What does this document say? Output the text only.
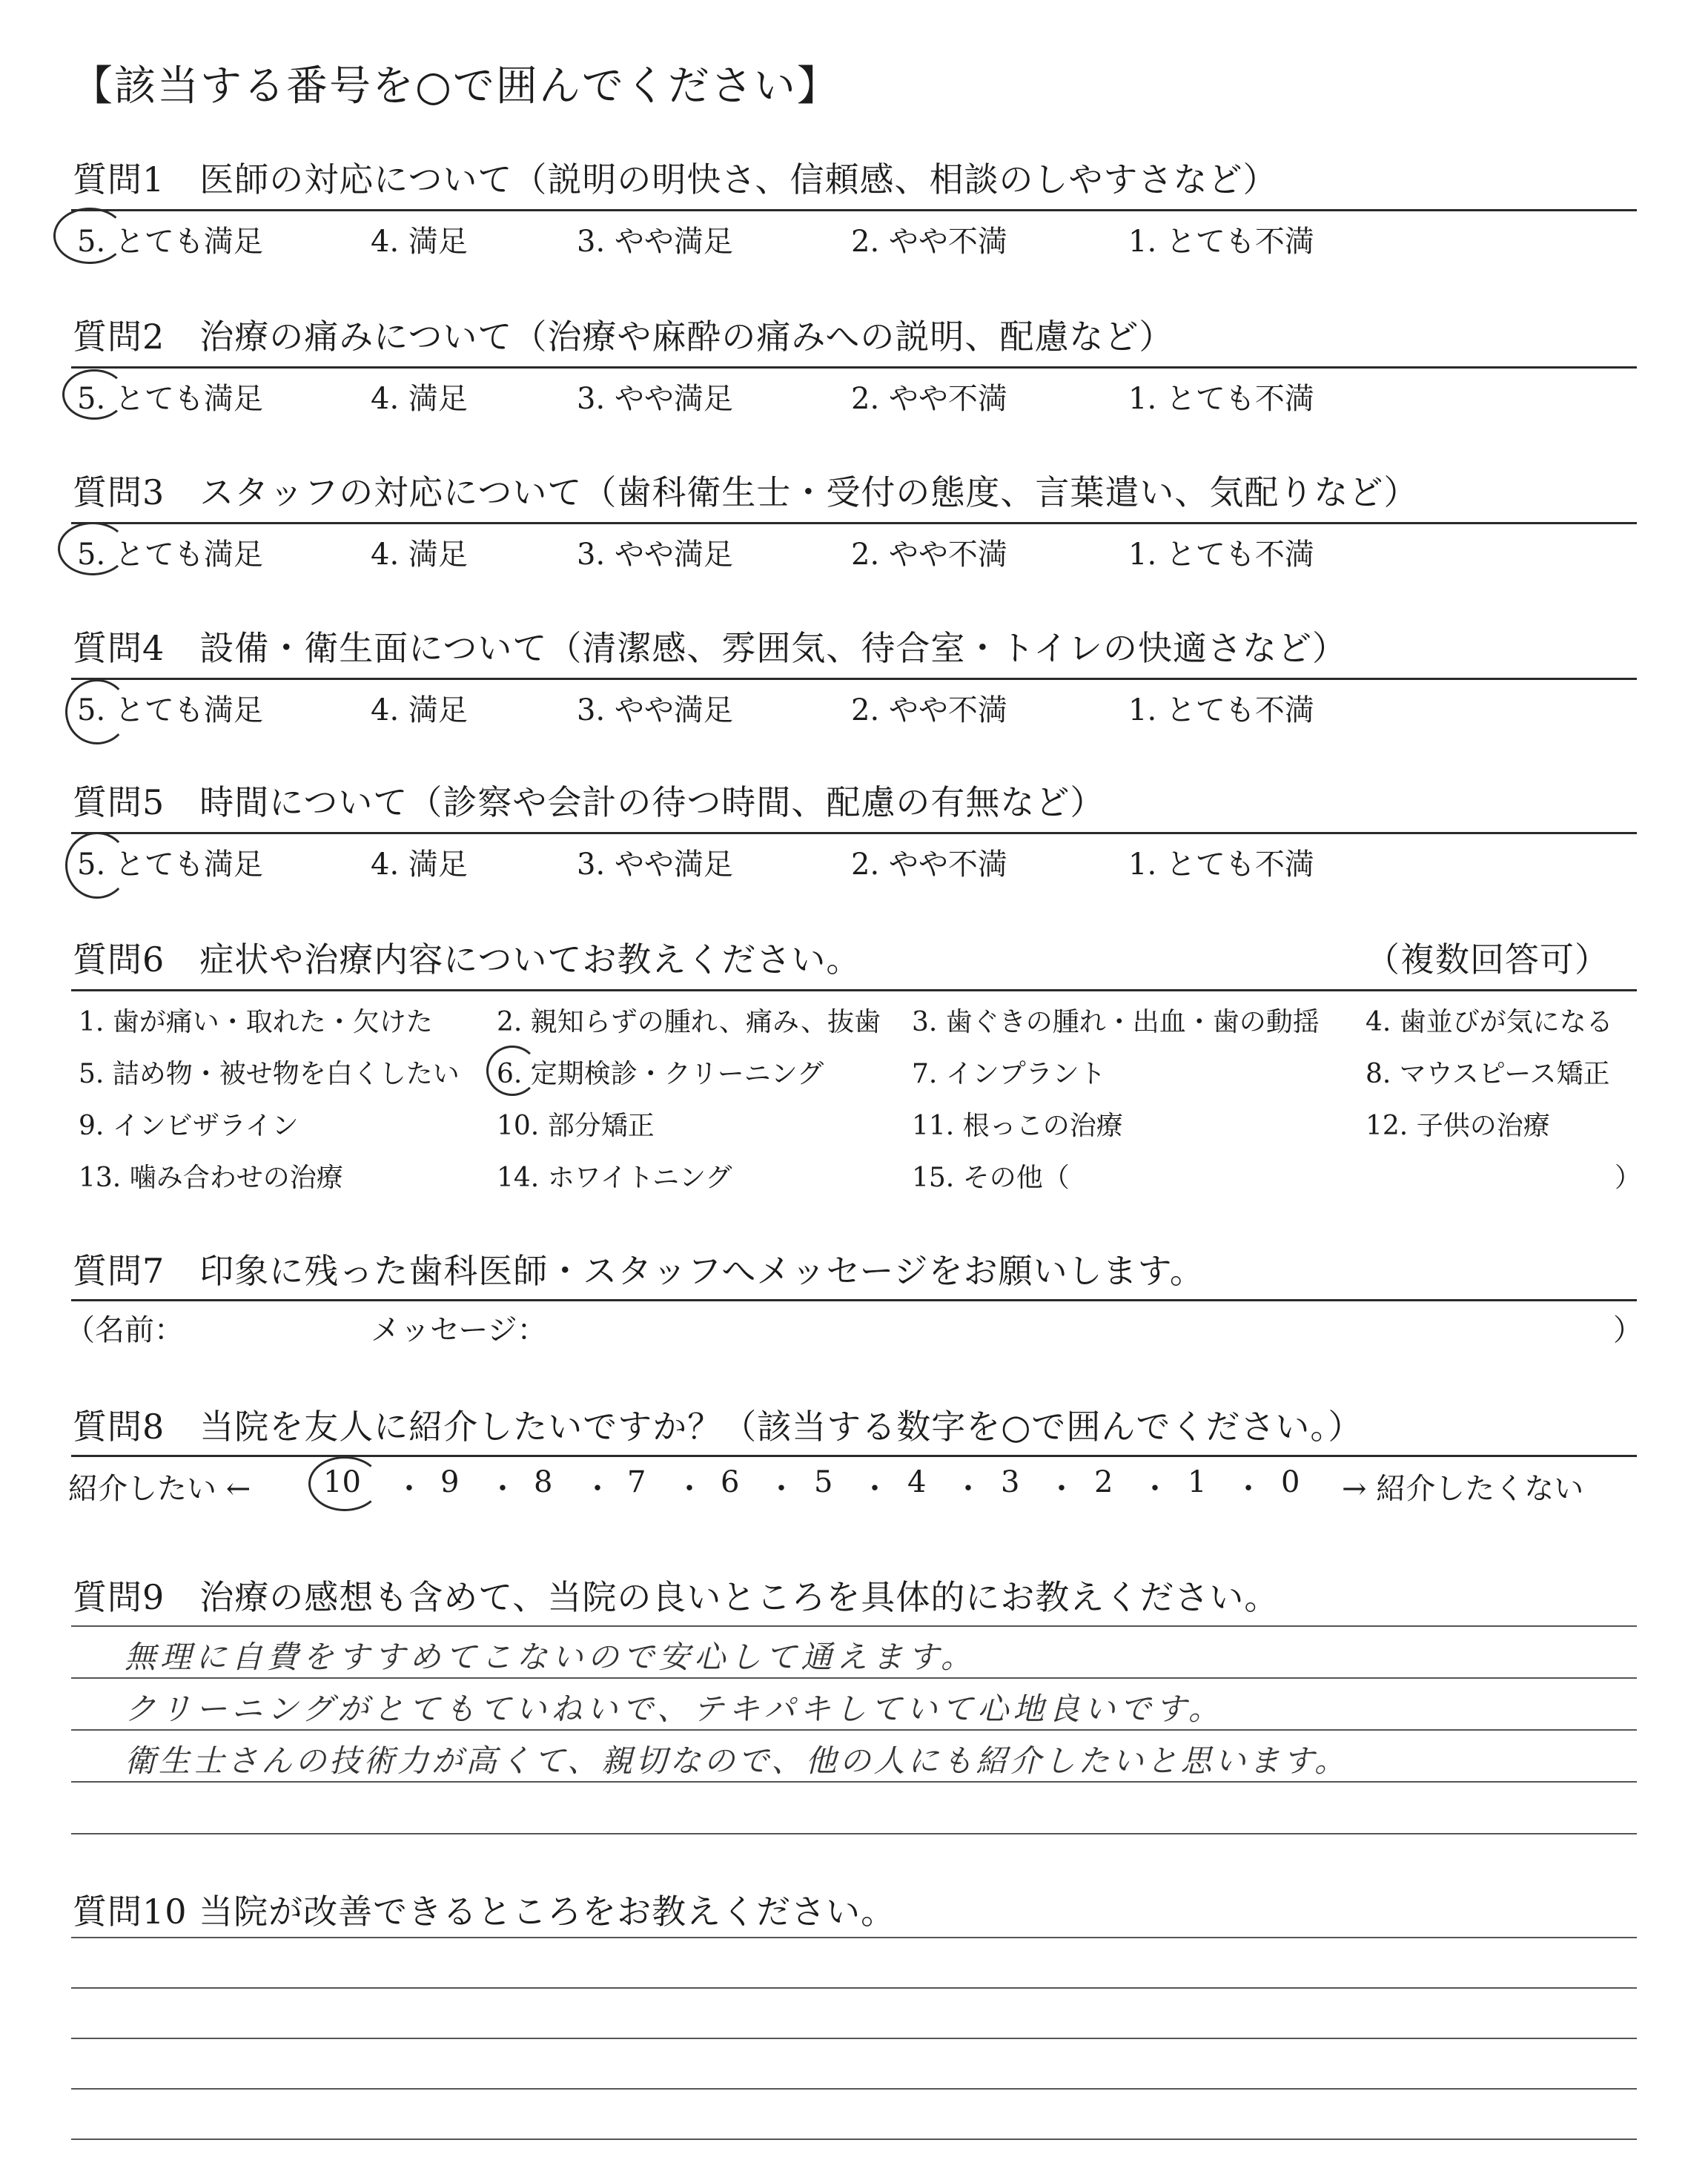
【該当する番号を○で囲んでください】
質問1　医師の対応について（説明の明快さ、信頼感、相談のしやすさなど）
5. とても満足	4. 満足	3. やや満足	2. やや不満	1. とても不満
質問2　治療の痛みについて（治療や麻酔の痛みへの説明、配慮など）
5. とても満足	4. 満足	3. やや満足	2. やや不満	1. とても不満
質問3　スタッフの対応について（歯科衛生士・受付の態度、言葉遣い、気配りなど）
5. とても満足	4. 満足	3. やや満足	2. やや不満	1. とても不満
質問4　設備・衛生面について（清潔感、雰囲気、待合室・トイレの快適さなど）
5. とても満足	4. 満足	3. やや満足	2. やや不満	1. とても不満
質問5　時間について（診察や会計の待つ時間、配慮の有無など）
5. とても満足	4. 満足	3. やや満足	2. やや不満	1. とても不満
質問6　症状や治療内容についてお教えください。	（複数回答可）
1. 歯が痛い・取れた・欠けた 2. 親知らずの腫れ、痛み、抜歯 3. 歯ぐきの腫れ・出血・歯の動揺 4. 歯並びが気になる
5. 詰め物・被せ物を白くしたい 6. 定期検診・クリーニング	7. インプラント	8. マウスピース矯正
9. インビザライン	10. 部分矯正	11. 根っこの治療	12. 子供の治療
13. 噛み合わせの治療	14. ホワイトニング	15. その他（	）
質問7　印象に残った歯科医師・スタッフへメッセージをお願いします。
（名前：	メッセージ：	）
質問8　当院を友人に紹介したいですか？（該当する数字を○で囲んでください。）
紹介したい ← 10 ・ 9 ・ 8 ・ 7 ・ 6 ・ 5 ・ 4 ・ 3 ・ 2 ・ 1 ・ 0 → 紹介したくない
質問9　治療の感想も含めて、当院の良いところを具体的にお教えください。
無理に自費をすすめてこないので安心して通えます。
クリーニングがとてもていねいで、テキパキしていて心地良いです。
衛生士さんの技術力が高くて、親切なので、他の人にも紹介したいと思います。
質問10 当院が改善できるところをお教えください。
